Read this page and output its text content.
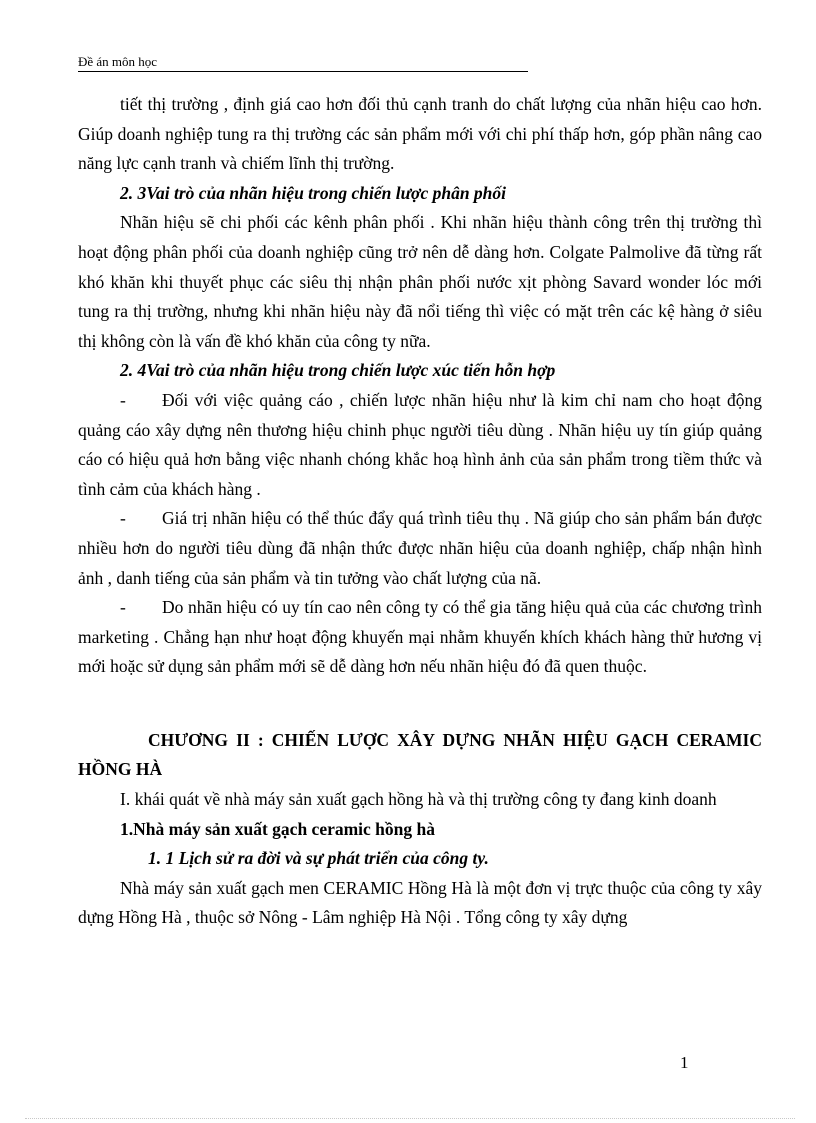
Đề án môn học

tiết thị trường , định giá cao hơn đối thủ cạnh tranh do chất lượng của nhãn hiệu cao hơn. Giúp doanh nghiệp tung ra thị trường các sản phẩm mới với chi phí thấp hơn, góp phần nâng cao năng lực cạnh tranh và chiếm lĩnh thị trường.

2. 3Vai trò của nhãn hiệu trong chiến lược phân phối

Nhãn hiệu sẽ chi phối các kênh phân phối . Khi nhãn hiệu thành công trên thị trường thì hoạt động phân phối của doanh nghiệp cũng trở nên dễ dàng hơn. Colgate Palmolive đã từng rất khó khăn khi thuyết phục các siêu thị nhận phân phối nước xịt phòng Savard wonder lóc mới tung ra thị trường, nhưng khi nhãn hiệu này đã nổi tiếng thì việc có mặt trên các kệ hàng ở siêu thị không còn là vấn đề khó khăn của công ty nữa.

2. 4Vai trò của nhãn hiệu trong chiến lược xúc tiến hỗn hợp

- Đối với việc quảng cáo , chiến lược nhãn hiệu như là kim chỉ nam cho hoạt động quảng cáo xây dựng nên thương hiệu chinh phục người tiêu dùng . Nhãn hiệu uy tín giúp quảng cáo có hiệu quả hơn bằng việc nhanh chóng khắc hoạ hình ảnh của sản phẩm trong tiềm thức và tình cảm của khách hàng .

- Giá trị nhãn hiệu có thể thúc đẩy quá trình tiêu thụ . Nã giúp cho sản phẩm bán được nhiều hơn do người tiêu dùng đã nhận thức được nhãn hiệu của doanh nghiệp, chấp nhận hình ảnh , danh tiếng của sản phẩm và tin tưởng vào chất lượng của nã.

- Do nhãn hiệu có uy tín cao nên công ty có thể gia tăng hiệu quả của các chương trình marketing . Chẳng hạn như hoạt động khuyến mại nhằm khuyến khích khách hàng thử hương vị mới hoặc sử dụng sản phẩm mới sẽ dễ dàng hơn nếu nhãn hiệu đó đã quen thuộc.

CHƯƠNG II : CHIẾN LƯỢC XÂY DỰNG NHÃN HIỆU GẠCH CERAMIC HỒNG HÀ

I. khái quát về nhà máy sản xuất gạch hồng hà và thị trường công ty đang kinh doanh

1.Nhà máy sản xuất gạch ceramic hồng hà

1. 1 Lịch sử ra đời và sự phát triển của công ty.

Nhà máy sản xuất gạch men CERAMIC Hồng Hà là một đơn vị trực thuộc của công ty xây dựng Hồng Hà , thuộc sở Nông - Lâm nghiệp Hà Nội . Tổng công ty xây dựng

1
